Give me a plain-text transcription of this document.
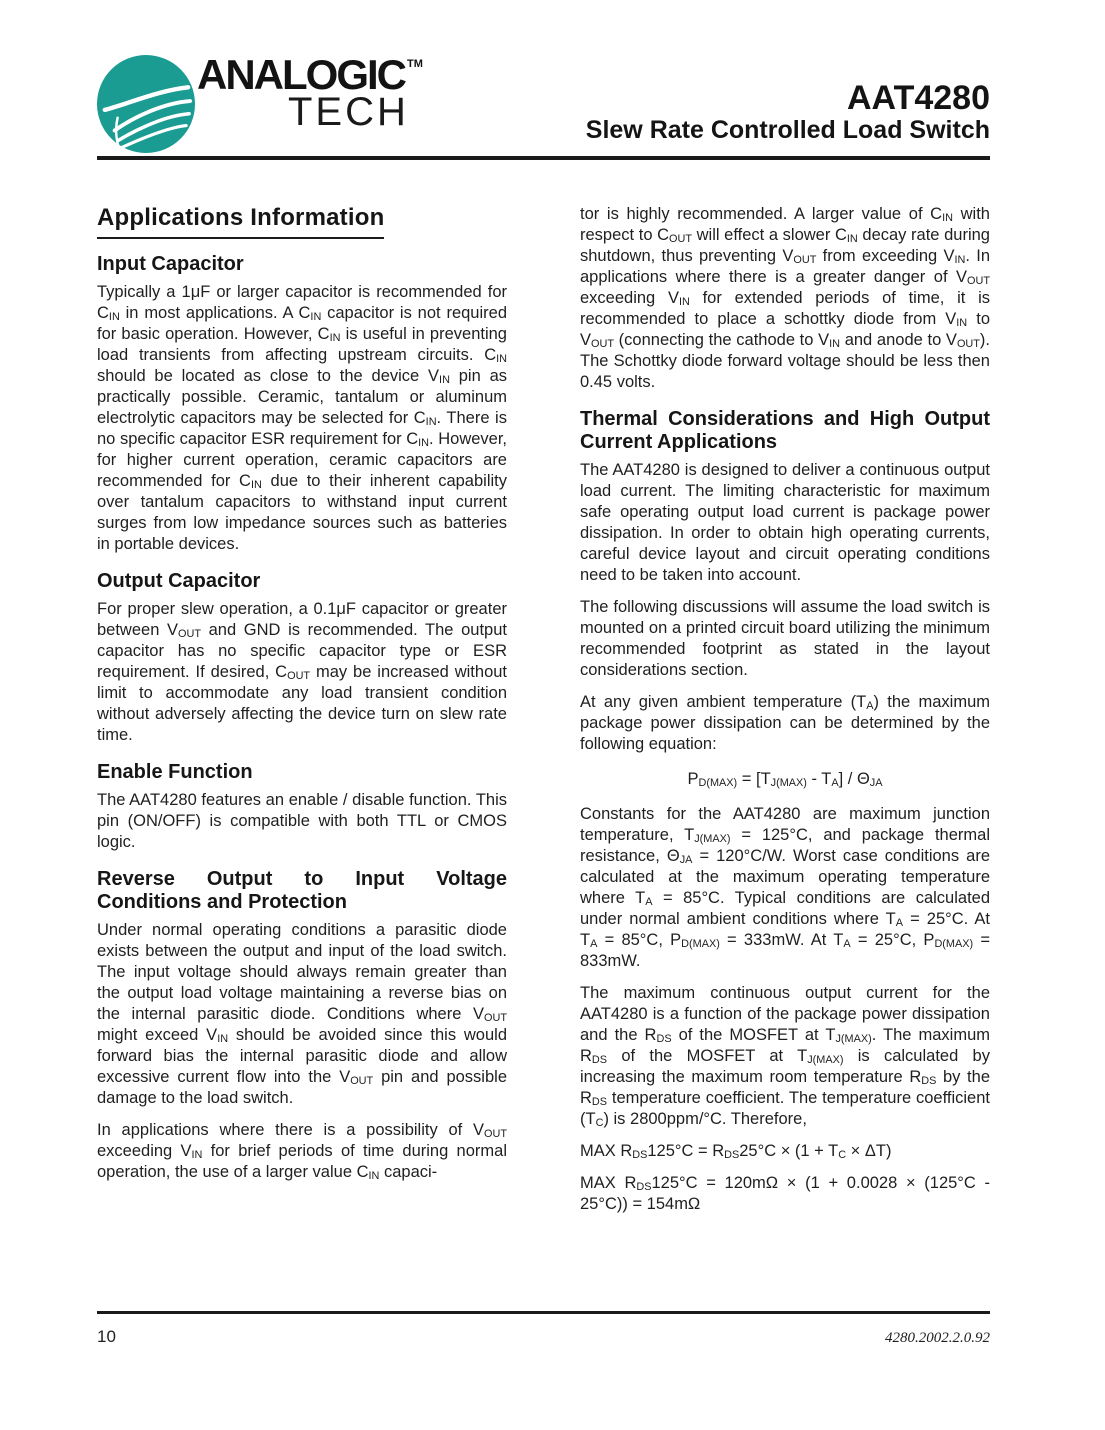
ANALOGIC ™
TECH	AAT4280
Slew Rate Controlled Load Switch
Applications Information
Input Capacitor

Typically a 1μF or larger capacitor is recommended for $C_{IN}$ in most applications. A $C_{IN}$ capacitor is not required for basic operation. However, $C_{IN}$ is useful in preventing load transients from affecting upstream circuits. $C_{IN}$ should be located as close to the device $V_{IN}$ pin as practically possible. Ceramic, tantalum or aluminum electrolytic capacitors may be selected for $C_{IN}$. There is no specific capacitor ESR requirement for $C_{IN}$. However, for higher current operation, ceramic capacitors are recommended for $C_{IN}$ due to their inherent capability over tantalum capacitors to withstand input current surges from low impedance sources such as batteries in portable devices.

Output Capacitor

For proper slew operation, a 0.1μF capacitor or greater between $V_{OUT}$ and GND is recommended. The output capacitor has no specific capacitor type or ESR requirement. If desired, $C_{OUT}$ may be increased without limit to accommodate any load transient condition without adversely affecting the device turn on slew rate time.

Enable Function

The AAT4280 features an enable / disable function. This pin (ON/OFF) is compatible with both TTL or CMOS logic.

Reverse Output to Input Voltage Conditions and Protection

Under normal operating conditions a parasitic diode exists between the output and input of the load switch. The input voltage should always remain greater than the output load voltage maintaining a reverse bias on the internal parasitic diode. Conditions where $V_{OUT}$ might exceed $V_{IN}$ should be avoided since this would forward bias the internal parasitic diode and allow excessive current flow into the $V_{OUT}$ pin and possible damage to the load switch.

In applications where there is a possibility of $V_{OUT}$ exceeding $V_{IN}$ for brief periods of time during normal operation, the use of a larger value $C_{IN}$ capaci-

tor is highly recommended. A larger value of $C_{IN}$ with respect to $C_{OUT}$ will effect a slower $C_{IN}$ decay rate during shutdown, thus preventing $V_{OUT}$ from exceeding $V_{IN}$. In applications where there is a greater danger of $V_{OUT}$ exceeding $V_{IN}$ for extended periods of time, it is recommended to place a schottky diode from $V_{IN}$ to $V_{OUT}$ (connecting the cathode to $V_{IN}$ and anode to $V_{OUT}$). The Schottky diode forward voltage should be less then 0.45 volts.

Thermal Considerations and High Output Current Applications

The AAT4280 is designed to deliver a continuous output load current. The limiting characteristic for maximum safe operating output load current is package power dissipation. In order to obtain high operating currents, careful device layout and circuit operating conditions need to be taken into account.

The following discussions will assume the load switch is mounted on a printed circuit board utilizing the minimum recommended footprint as stated in the layout considerations section.

At any given ambient temperature $(T_A)$ the maximum package power dissipation can be determined by the following equation:

$P_{D(MAX)} = [T_{J(MAX)} - T_A] / \Theta_{JA}$

Constants for the AAT4280 are maximum junction temperature, $T_{J(MAX)} = 125^\circ C$, and package thermal resistance, $\Theta_{JA} = 120^\circ C/W$. Worst case conditions are calculated at the maximum operating temperature where $T_A = 85^\circ C$. Typical conditions are calculated under normal ambient conditions where $T_A = 25^\circ C$. At $T_A = 85^\circ C$, $P_{D(MAX)} = 333mW$. At $T_A = 25^\circ C$, $P_{D(MAX)} = 833mW$.

The maximum continuous output current for the AAT4280 is a function of the package power dissipation and the $R_{DS}$ of the MOSFET at $T_{J(MAX)}$. The maximum $R_{DS}$ of the MOSFET at $T_{J(MAX)}$ is calculated by increasing the maximum room temperature $R_{DS}$ by the $R_{DS}$ temperature coefficient. The temperature coefficient $(T_C)$ is 2800ppm/°C. Therefore,

MAX $R_{DS}125^\circ C = R_{DS}25^\circ C \times (1 + T_C \times \Delta T)$

MAX $R_{DS}125^\circ C = 120m\Omega \times (1 + 0.0028 \times (125^\circ C - 25^\circ C)) = 154m\Omega$

10	4280.2002.2.0.92
